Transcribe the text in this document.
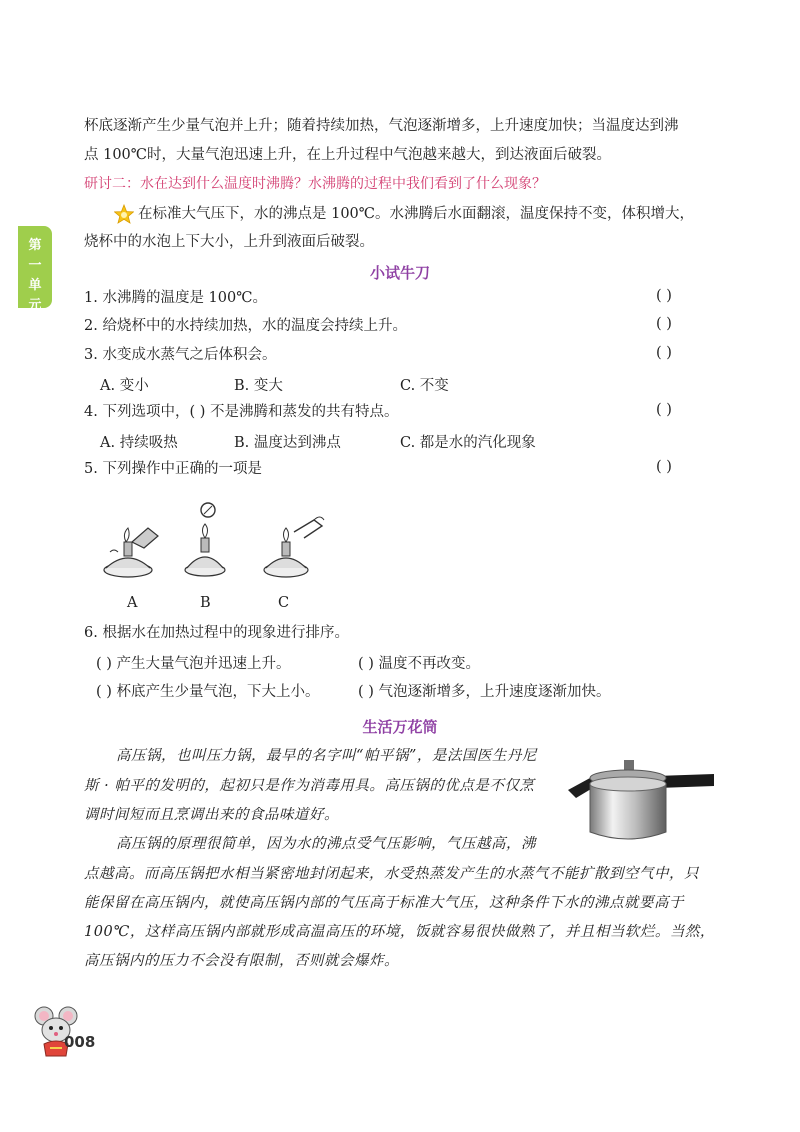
第一单元
杯底逐渐产生少量气泡并上升；随着持续加热，气泡逐渐增多，上升速度加快；当温度达到沸
点 100℃时，大量气泡迅速上升，在上升过程中气泡越来越大，到达液面后破裂。
研讨二：水在达到什么温度时沸腾？水沸腾的过程中我们看到了什么现象？
在标准大气压下，水的沸点是 100℃。水沸腾后水面翻滚，温度保持不变，体积增大，
烧杯中的水泡上下大小，上升到液面后破裂。
小试牛刀
1. 水沸腾的温度是 100℃。	( )
2. 给烧杯中的水持续加热，水的温度会持续上升。	( )
3. 水变成水蒸气之后体积会。	( )
A. 变小	B. 变大	C. 不变
4. 下列选项中，( ) 不是沸腾和蒸发的共有特点。	( )
A. 持续吸热	B. 温度达到沸点	C. 都是水的汽化现象
5. 下列操作中正确的一项是	( )
A	B	C
6. 根据水在加热过程中的现象进行排序。
( ) 产生大量气泡并迅速上升。	( ) 温度不再改变。
( ) 杯底产生少量气泡，下大上小。	( ) 气泡逐渐增多，上升速度逐渐加快。
生活万花筒
高压锅，也叫压力锅，最早的名字叫“帕平锅”，是法国医生丹尼
斯 · 帕平的发明的，起初只是作为消毒用具。高压锅的优点是不仅烹
调时间短而且烹调出来的食品味道好。
高压锅的原理很简单，因为水的沸点受气压影响，气压越高，沸
点越高。而高压锅把水相当紧密地封闭起来，水受热蒸发产生的水蒸气不能扩散到空气中，只
能保留在高压锅内，就使高压锅内部的气压高于标准大气压，这种条件下水的沸点就要高于
100℃，这样高压锅内部就形成高温高压的环境，饭就容易很快做熟了，并且相当软烂。当然，
高压锅内的压力不会没有限制，否则就会爆炸。
008
